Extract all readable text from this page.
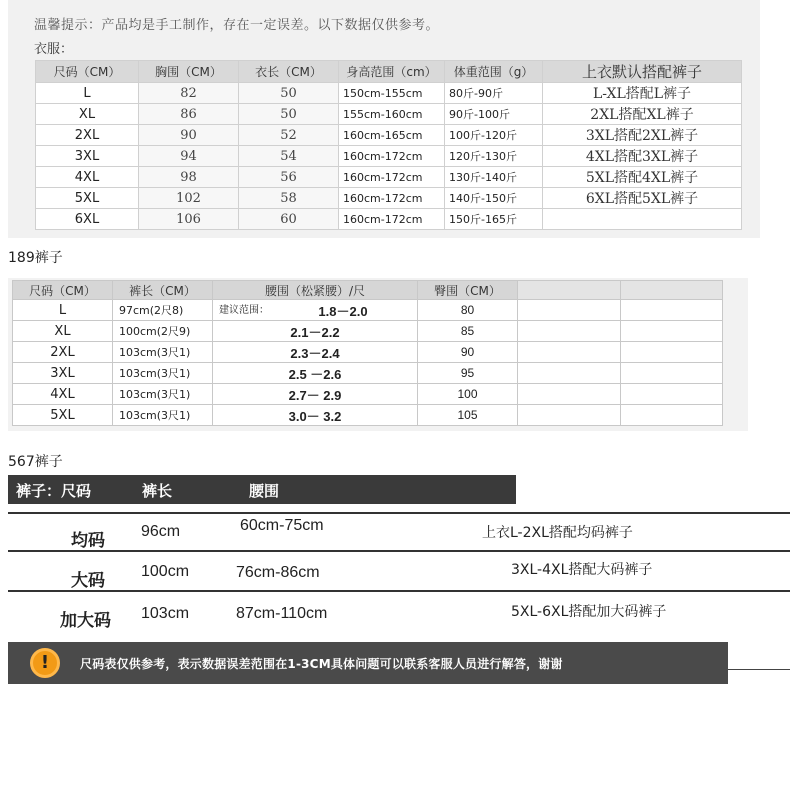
温馨提示：产品均是手工制作，存在一定误差。以下数据仅供参考。
衣服：
尺码（CM）	胸围（CM）	衣长（CM）	身高范围（cm）	体重范围（g）	上衣默认搭配裤子
L	82	50	150cm-155cm	80斤-90斤	L-XL搭配L裤子
XL	86	50	155cm-160cm	90斤-100斤	2XL搭配XL裤子
2XL	90	52	160cm-165cm	100斤-120斤	3XL搭配2XL裤子
3XL	94	54	160cm-172cm	120斤-130斤	4XL搭配3XL裤子
4XL	98	56	160cm-172cm	130斤-140斤	5XL搭配4XL裤子
5XL	102	58	160cm-172cm	140斤-150斤	6XL搭配5XL裤子
6XL	106	60	160cm-172cm	150斤-165斤	
189裤子
尺码（CM）	裤长（CM）	腰围（松紧腰）/尺	臀围（CM）		
L	97cm(2尺8)	建议范围： 1.8－2.0	80		
XL	100cm(2尺9)	2.1－2.2	85		
2XL	103cm(3尺1)	2.3－2.4	90		
3XL	103cm(3尺1)	2.5 －2.6	95		
4XL	103cm(3尺1)	2.7－ 2.9	100		
5XL	103cm(3尺1)	3.0－ 3.2	105		
567裤子
裤子：尺码	裤长	腰围
均码 96cm	60cm-75cm	上衣L-2XL搭配均码裤子
大码 100cm	76cm-86cm	3XL-4XL搭配大码裤子
加大码 103cm	87cm-110cm	5XL-6XL搭配加大码裤子
!	尺码表仅供参考，表示数据误差范围在1-3CM具体问题可以联系客服人员进行解答，谢谢
